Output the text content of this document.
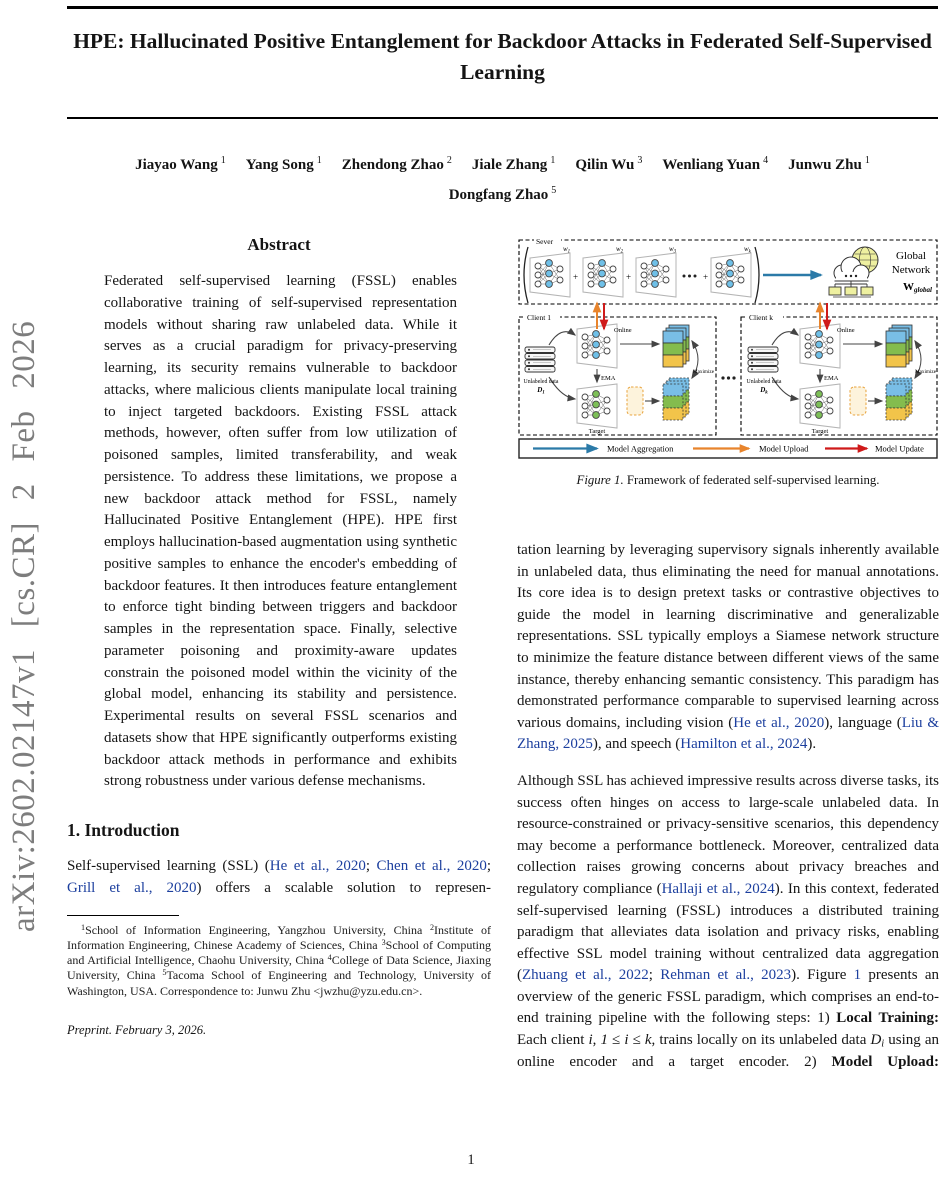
arXiv:2602.02147v1 [cs.CR] 2 Feb 2026
HPE: Hallucinated Positive Entanglement for Backdoor Attacks in Federated Self-Supervised Learning
Jiayao Wang $^1$ Yang Song $^1$ Zhendong Zhao $^2$ Jiale Zhang $^1$ Qilin Wu $^3$ Wenliang Yuan $^4$ Junwu Zhu $^1$
Dongfang Zhao $^5$
Abstract
Federated self-supervised learning (FSSL) enables collaborative training of self-supervised representation models without sharing raw unlabeled data. While it serves as a crucial paradigm for privacy-preserving learning, its security remains vulnerable to backdoor attacks, where malicious clients manipulate local training to inject targeted backdoors. Existing FSSL attack methods, however, often suffer from low utilization of poisoned samples, limited transferability, and weak persistence. To address these limitations, we propose a new backdoor attack method for FSSL, namely Hallucinated Positive Entanglement (HPE). HPE first employs hallucination-based augmentation using synthetic positive samples to enhance the encoder's embedding of backdoor features. It then introduces feature entanglement to enforce tight binding between triggers and backdoor samples in the representation space. Finally, selective parameter poisoning and proximity-aware updates constrain the poisoned model within the vicinity of the global model, enhancing its stability and persistence. Experimental results on several FSSL scenarios and datasets show that HPE significantly outperforms existing backdoor attack methods in performance and exhibits strong robustness under various defense mechanisms.
1. Introduction
Self-supervised learning (SSL) (He et al., 2020; Chen et al., 2020; Grill et al., 2020) offers a scalable solution to represen-
$^1$School of Information Engineering, Yangzhou University, China $^2$Institute of Information Engineering, Chinese Academy of Sciences, China $^3$School of Computing and Artificial Intelligence, Chaohu University, China $^4$College of Data Science, Jiaxing University, China $^5$Tacoma School of Engineering and Technology, University of Washington, USA. Correspondence to: Junwu Zhu <jwzhu@yzu.edu.cn>.
Preprint. February 3, 2026.
Sever
$w_1$	$w_2$	$w_3$	$w_k$
+	+	+
Global
Network
Wglobal
Client 1
Online
EMA
Target
Unlabeled data
$D_1$
Maximize
Client k
Online
EMA
Target
Unlabeled data
$D_k$
Maximize
Model Aggregation	Model Upload	Model Update
Figure 1. Framework of federated self-supervised learning.
tation learning by leveraging supervisory signals inherently available in unlabeled data, thus eliminating the need for manual annotations. Its core idea is to design pretext tasks or contrastive objectives to guide the model in learning discriminative and generalizable representations. SSL typically employs a Siamese network structure to minimize the feature distance between different views of the same instance, thereby enhancing semantic consistency. This paradigm has demonstrated performance comparable to supervised learning across various domains, including vision (He et al., 2020), language (Liu & Zhang, 2025), and speech (Hamilton et al., 2024).
Although SSL has achieved impressive results across diverse tasks, its success often hinges on access to large-scale unlabeled data. In resource-constrained or privacy-sensitive scenarios, this dependency may become a performance bottleneck. Moreover, centralized data collection raises growing concerns about privacy breaches and regulatory compliance (Hallaji et al., 2024). In this context, federated self-supervised learning (FSSL) introduces a distributed training paradigm that alleviates data isolation and privacy risks, enabling effective SSL model training without centralized data aggregation (Zhuang et al., 2022; Rehman et al., 2023). Figure 1 presents an overview of the generic FSSL paradigm, which comprises an end-to-end training pipeline with the following steps: 1) Local Training: Each client i, 1 ≤ i ≤ k, trains locally on its unlabeled data $D_i$ using an online encoder and a target encoder. 2) Model Upload:
1
